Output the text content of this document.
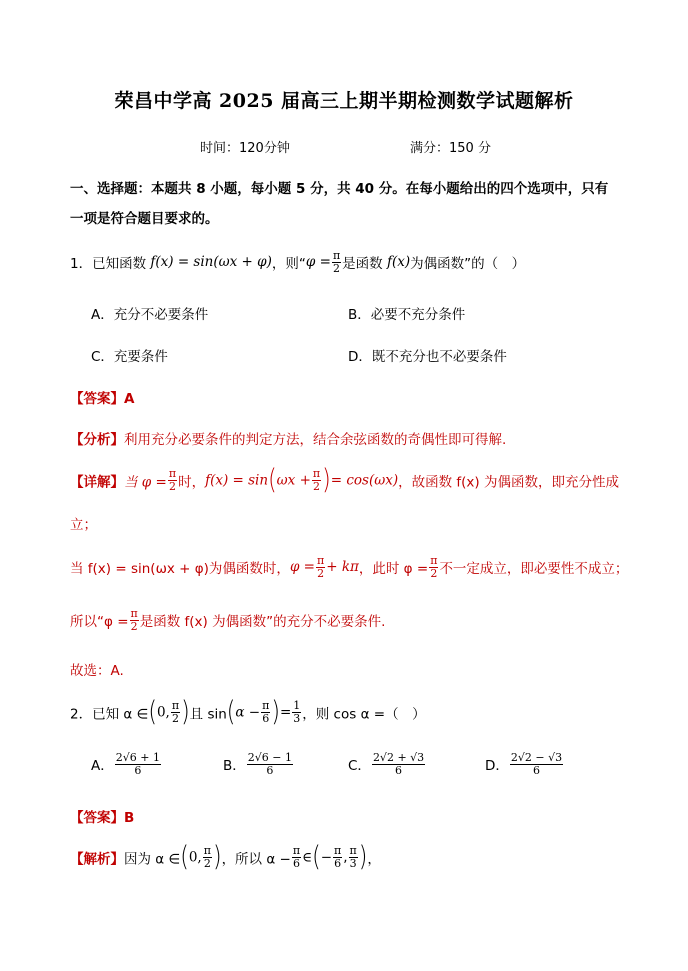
荣昌中学高 2025 届高三上期半期检测数学试题解析
时间：120分钟	满分：150 分
一、选择题：本题共 8 小题，每小题 5 分，共 40 分。在每小题给出的四个选项中，只有
一项是符合题目要求的。
1．已知函数 f(x) = sin(ωx + φ)，则“$\varphi = \frac{\pi}{2}$ 是函数 f(x)为偶函数”的（　）
A．充分不必要条件	B．必要不充分条件
C．充要条件	D．既不充分也不必要条件
【答案】A
【分析】利用充分必要条件的判定方法，结合余弦函数的奇偶性即可得解.
【详解】当 $\varphi = \frac{\pi}{2}$ 时，$f(x) = \sin(\omega x + \frac{\pi}{2}$ )= cos(ωx)，故函数 f(x) 为偶函数，即充分性成
立；
当 f(x) = sin(ωx + φ)为偶函数时，$\varphi = \frac{\pi}{2} + k\pi$，此时 $\varphi = \frac{\pi}{2}$ 不一定成立，即必要性不成立；
所以“$\varphi = \frac{\pi}{2}$ 是函数 f(x) 为偶函数”的充分不必要条件.
故选：A.
2．已知 α ∈(0, $\frac{\pi}{2}$ )且 $\sin(\alpha - \frac{\pi}{6}$ )= $\frac{1}{3}$ ，则 cos α =（　）
A． $\frac{2√6 + 1}{6}$	B． $\frac{2√6 - 1}{6}$	C． $\frac{2√2 + √3}{6}$	D． $\frac{2√2 - √3}{6}$
【答案】B
【解析】因为 α ∈(0, $\frac{\pi}{2}$ )，所以 $\alpha - \frac{\pi}{6}$ ∈(− $\frac{\pi}{6}$ , $\frac{\pi}{3}$ )，
